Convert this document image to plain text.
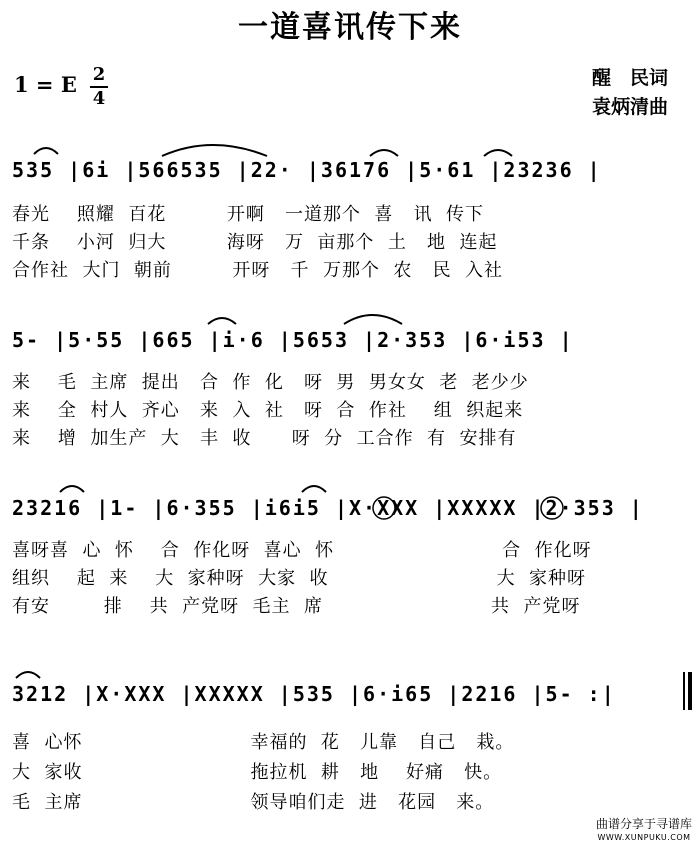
一道喜讯传下来
1 = E 2
4
醒　民词
袁炳清曲
535 |6i |566535 |22· |36176 |5·61 |23236 |
春光    照耀  百花         开啊   一道那个  喜   讯  传下
千条    小河  归大         海呀   万  亩那个  土   地  连起
合作社  大门  朝前         开呀   千  万那个  农   民  入社
5- |5·55 |665 |i·6 |5653 |2·353 |6·i53 |
来    毛  主席  提出   合  作  化   呀  男  男女女  老  老少少
来    全  村人  齐心   来  入  社   呀  合  作社    组  织起来
来    增  加生产  大   丰  收      呀  分  工合作  有  安排有
23216 |1- |6·355 |i6i5 |X·XXX |XXXXX |2·353 |
喜呀喜  心  怀    合  作化呀  喜心  怀                         合  作化呀
组织    起  来    大  家种呀  大家  收                         大  家种呀
有安        排    共  产党呀  毛主  席                         共  产党呀
3212 |X·XXX |XXXXX |535 |6·i65 |2216 |5- :|
喜  心怀                         幸福的  花   儿靠   自己   栽。
大  家收                         拖拉机  耕   地    好痛   快。
毛  主席                         领导咱们走  进   花园   来。
曲谱分享于寻谱库
WWW.XUNPUKU.COM
